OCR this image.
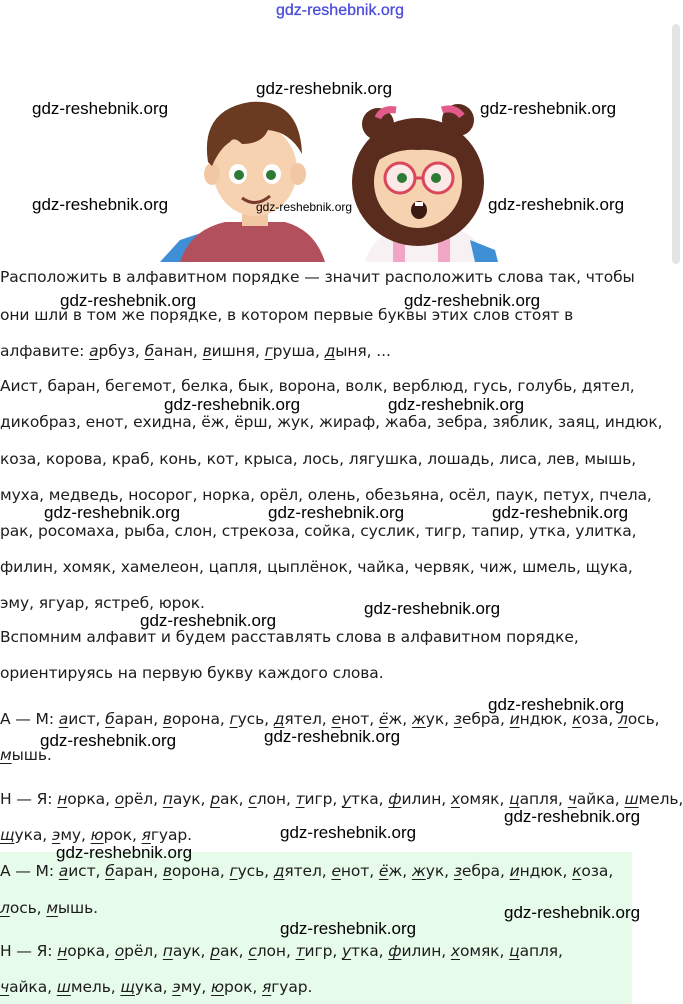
gdz-reshebnik.org
Расположить в алфавитном порядке — значит расположить слова так, чтобы
они шли в том же порядке, в котором первые буквы этих слов стоят в
алфавите: арбуз, банан, вишня, груша, дыня, ...
Аист, баран, бегемот, белка, бык, ворона, волк, верблюд, гусь, голубь, дятел,
дикобраз, енот, ехидна, ёж, ёрш, жук, жираф, жаба, зебра, зяблик, заяц, индюк,
коза, корова, краб, конь, кот, крыса, лось, лягушка, лошадь, лиса, лев, мышь,
муха, медведь, носорог, норка, орёл, олень, обезьяна, осёл, паук, петух, пчела,
рак, росомаха, рыба, слон, стрекоза, сойка, суслик, тигр, тапир, утка, улитка,
филин, хомяк, хамелеон, цапля, цыплёнок, чайка, червяк, чиж, шмель, щука,
эму, ягуар, ястреб, юрок.
Вспомним алфавит и будем расставлять слова в алфавитном порядке,
ориентируясь на первую букву каждого слова.
А — М: аист, баран, ворона, гусь, дятел, енот, ёж, жук, зебра, индюк, коза, лось,
мышь.
Н — Я: норка, орёл, паук, рак, слон, тигр, утка, филин, хомяк, цапля, чайка, шмель,
щука, эму, юрок, ягуар.
А — М: аист, баран, ворона, гусь, дятел, енот, ёж, жук, зебра, индюк, коза,
лось, мышь.
Н — Я: норка, орёл, паук, рак, слон, тигр, утка, филин, хомяк, цапля,
чайка, шмель, щука, эму, юрок, ягуар.
gdz-reshebnik.org
gdz-reshebnik.org	gdz-reshebnik.org
gdz-reshebnik.org	gdz-reshebnik.org	gdz-reshebnik.org
gdz-reshebnik.org	gdz-reshebnik.org
gdz-reshebnik.org	gdz-reshebnik.org
gdz-reshebnik.org	gdz-reshebnik.org	gdz-reshebnik.org
gdz-reshebnik.org
gdz-reshebnik.org
gdz-reshebnik.org
gdz-reshebnik.org
gdz-reshebnik.org
gdz-reshebnik.org
gdz-reshebnik.org
gdz-reshebnik.org
gdz-reshebnik.org
gdz-reshebnik.org
